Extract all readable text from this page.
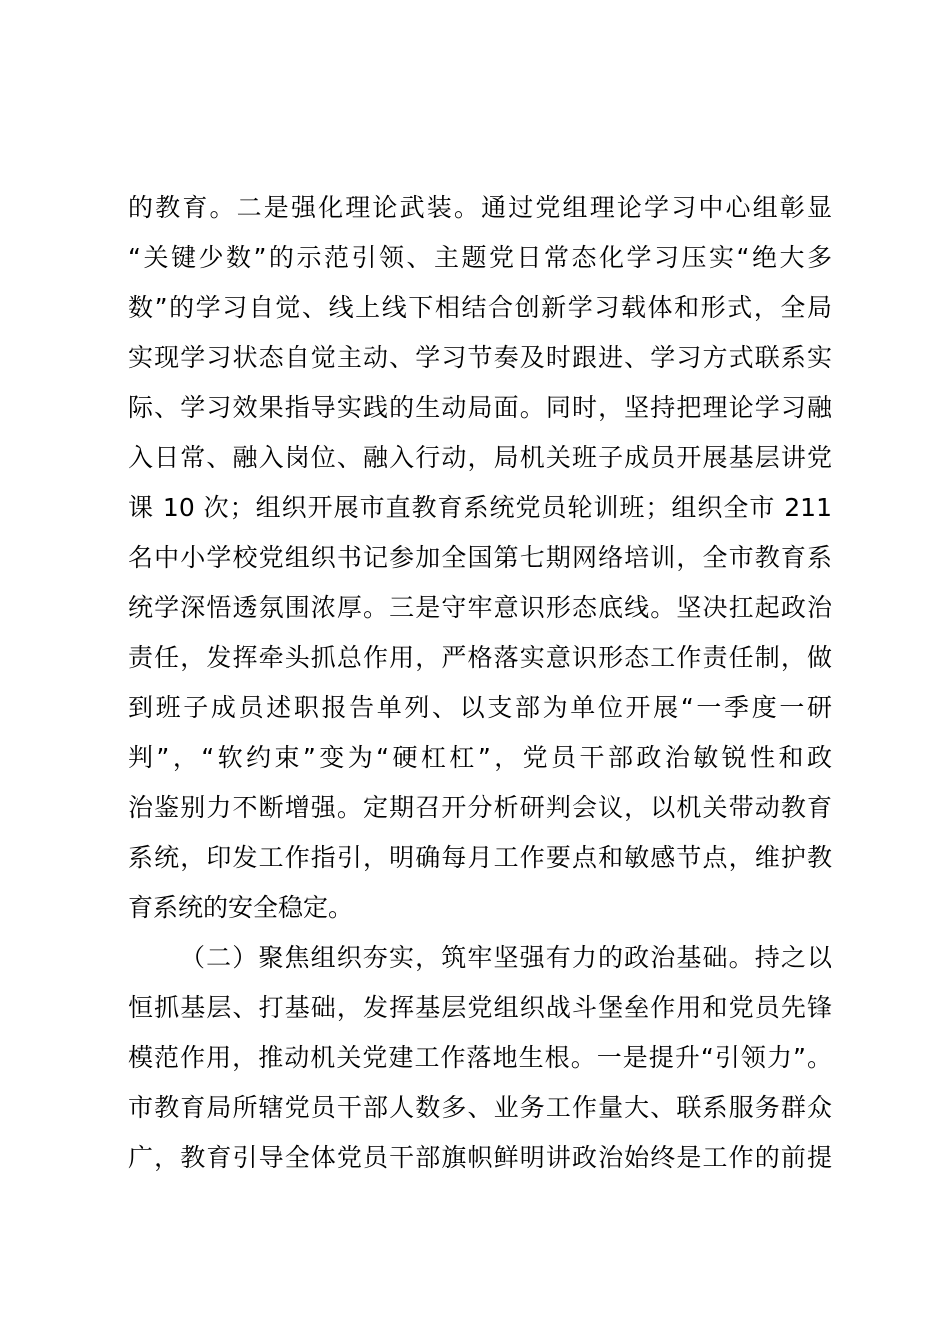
的教育。二是强化理论武装。通过党组理论学习中心组彰显
“关键少数”的示范引领、主题党日常态化学习压实“绝大多
数”的学习自觉、线上线下相结合创新学习载体和形式，全局
实现学习状态自觉主动、学习节奏及时跟进、学习方式联系实
际、学习效果指导实践的生动局面。同时，坚持把理论学习融
入日常、融入岗位、融入行动，局机关班子成员开展基层讲党
课 10 次；组织开展市直教育系统党员轮训班；组织全市 211
名中小学校党组织书记参加全国第七期网络培训，全市教育系
统学深悟透氛围浓厚。三是守牢意识形态底线。坚决扛起政治
责任，发挥牵头抓总作用，严格落实意识形态工作责任制，做
到班子成员述职报告单列、以支部为单位开展“一季度一研
判”，“软约束”变为“硬杠杠”，党员干部政治敏锐性和政
治鉴别力不断增强。定期召开分析研判会议，以机关带动教育
系统，印发工作指引，明确每月工作要点和敏感节点，维护教
育系统的安全稳定。
（二）聚焦组织夯实，筑牢坚强有力的政治基础。持之以
恒抓基层、打基础，发挥基层党组织战斗堡垒作用和党员先锋
模范作用，推动机关党建工作落地生根。一是提升“引领力”。
市教育局所辖党员干部人数多、业务工作量大、联系服务群众
广，教育引导全体党员干部旗帜鲜明讲政治始终是工作的前提
